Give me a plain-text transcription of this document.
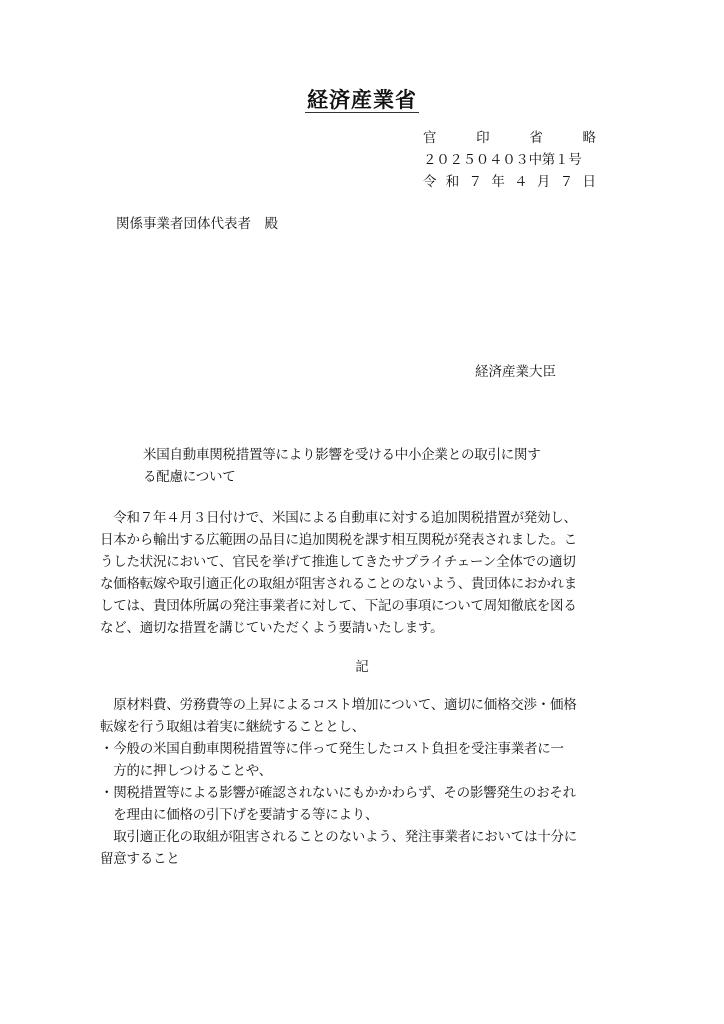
経済産業省
官	印	省	略
２０２５０４０３中第１号
令 和 ７ 年 ４ 月 ７ 日

関係事業者団体代表者　殿

経済産業大臣

米国自動車関税措置等により影響を受ける中小企業との取引に関す
る配慮について
　令和７年４月３日付けで、米国による自動車に対する追加関税措置が発効し、
日本から輸出する広範囲の品目に追加関税を課す相互関税が発表されました。こ
うした状況において、官民を挙げて推進してきたサプライチェーン全体での適切
な価格転嫁や取引適正化の取組が阻害されることのないよう、貴団体におかれま
しては、貴団体所属の発注事業者に対して、下記の事項について周知徹底を図る
など、適切な措置を講じていただくよう要請いたします。

記

　原材料費、労務費等の上昇によるコスト増加について、適切に価格交渉・価格
転嫁を行う取組は着実に継続することとし、
・今般の米国自動車関税措置等に伴って発生したコスト負担を受注事業者に一
　方的に押しつけることや、
・関税措置等による影響が確認されないにもかかわらず、その影響発生のおそれ
　を理由に価格の引下げを要請する等により、
　取引適正化の取組が阻害されることのないよう、発注事業者においては十分に
留意すること
